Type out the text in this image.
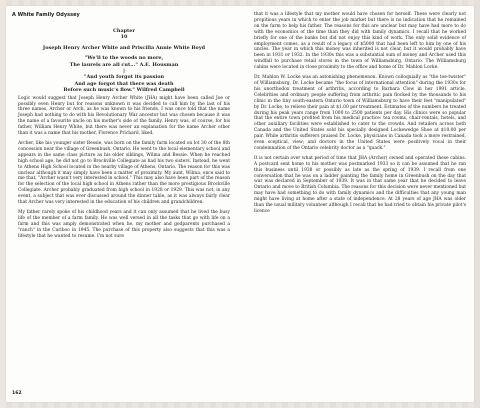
A White Family Odyssey
Chapter
10
Joseph Henry Archer White and Priscilla Annie White Boyd
"We'll to the woods no more,
The laurels are all cut..." A.E. Housman
|
"And youth forgot its passion
And age forgot that there was death
Before such music's flow." Wilfred Campbell

Logic would suggest that Joseph Henry Archer White (JHA) might have been called Joe or possibly even Henry but for reasons unknown it was decided to call him by the last of his three names, Archer or Arch, as he was known to his friends. I was once told that the name Joseph had nothing to do with his Revolutionary War ancestor but was chosen because it was the name of a favourite uncle on his mother's side of the family. Henry was, of course, for his father, William Henry White, but there was never an explanation for the name Archer other than it was a name that his mother, Florence Prichard, liked.

Archer, like his younger sister Bessie, was born on the family farm located on lot 30 of the 8th concession near the village of Greenbush, Ontario. He went to the local elementary school and appears in the same class picture as his older siblings, Wilma and Bessie. When he reached high school age, he did not go to Brockville Collegiate as had his two sisters. Instead, he went to Athens High School located in the nearby village of Athens, Ontario. The reason for this was unclear although it may simply have been a matter of proximity. My aunt, Wilma, once said to me that, "Archer wasn't very interested in school." This may also have been part of the reason for the selection of the local high school in Athens rather than the more prestigious Brockville Collegiate. Archer probably graduated from high school in 1928 or 1929. This was not, in any event, a subject that was ever discussed around the dinner table, as it was always fairly clear that Archer was very interested in the education of his children and grandchildren.

My father rarely spoke of his childhood years and it can only assumed that he lived the busy life of the member of a farm family. He was well versed in all the tasks that go with life on a farm and this was amply demonstrated when he, my mother and godparents purchased a "ranch" in the Cariboo in 1945. The purchase of this property also suggests that this was a lifestyle that he wanted to resume. I'm not sure

that it was a lifestyle that my mother would have chosen for herself. These were clearly not propitious years in which to enter the job market but there is no indication that he remained on the farm to help his father. The reasons for this are unclear but may have had more to do with the economics of the time than they did with family dynamics. I recall that he worked briefly for one of the banks but did not enjoy this kind of work. The only solid evidence of employment comes, as a result of a legacy of $5000 that had been left to him by one of his uncles. The year in which this money was inherited is not clear, but it would probably have been in 1931 or 1932. In the 1930s this was a substantial sum of money and Archer used this windfall to purchase retail stores in the town of Williamsburg, Ontario. The Williamsburg cabins were located in close proximity to the office and home of Dr. Mahlon Locke.

Dr. Mahlon W. Locke was an astonishing phenomenon. Known colloquially as "the toe-twister" of Williamsburg, Dr. Locke became "the focus of international attention" during the 1930s for his unorthodox treatment of arthritis, according to Barbara Clow in her 1991 article. Celebrities and ordinary people suffering from arthritic pain flocked by the thousands to his clinic in the tiny south-eastern Ontario town of Williamsburg to have their feet "manipulated" by Dr. Locke, to relieve their pain at $1.00 per treatment. Estimates of the numbers he treated during his peak years range from 1000 to 2500 patients per day. His clinics were so popular that the entire town profited from his medical practice: tea rooms, chair-rentals, hotels, and other auxiliary facilities were established to cater to the crowds. And retailers across both Canada and the United States sold his specially designed Lockewedge Shoe at $10.00 per pair. While arthritis sufferers praised Dr. Locke, physicians in Canada took a more restrained, even sceptical, view; and doctors in the United States were positively vocal in their condemnation of the Ontario celebrity doctor as a "quack."

It is not certain over what period of time that JHA (Archer) owned and operated these cabins. A postcard sent home to his mother was postmarked 1933 so it can be assumed that he ran this business until 1938 or possibly as late as the spring of 1939. I recall from one conversation that he was on a ladder painting the family home in Greenbush on the day that war was declared in September of 1939. It was in that same year that he decided to leave Ontario and move to British Columbia. The reasons for this decision were never mentioned but may have had something to do with family dynamics and the difficulties that any young man might have living at home after a state of independence. At 28 years of age JHA was older than the usual military volunteer although I recall that he had tried to obtain his private pilot's licence

162
